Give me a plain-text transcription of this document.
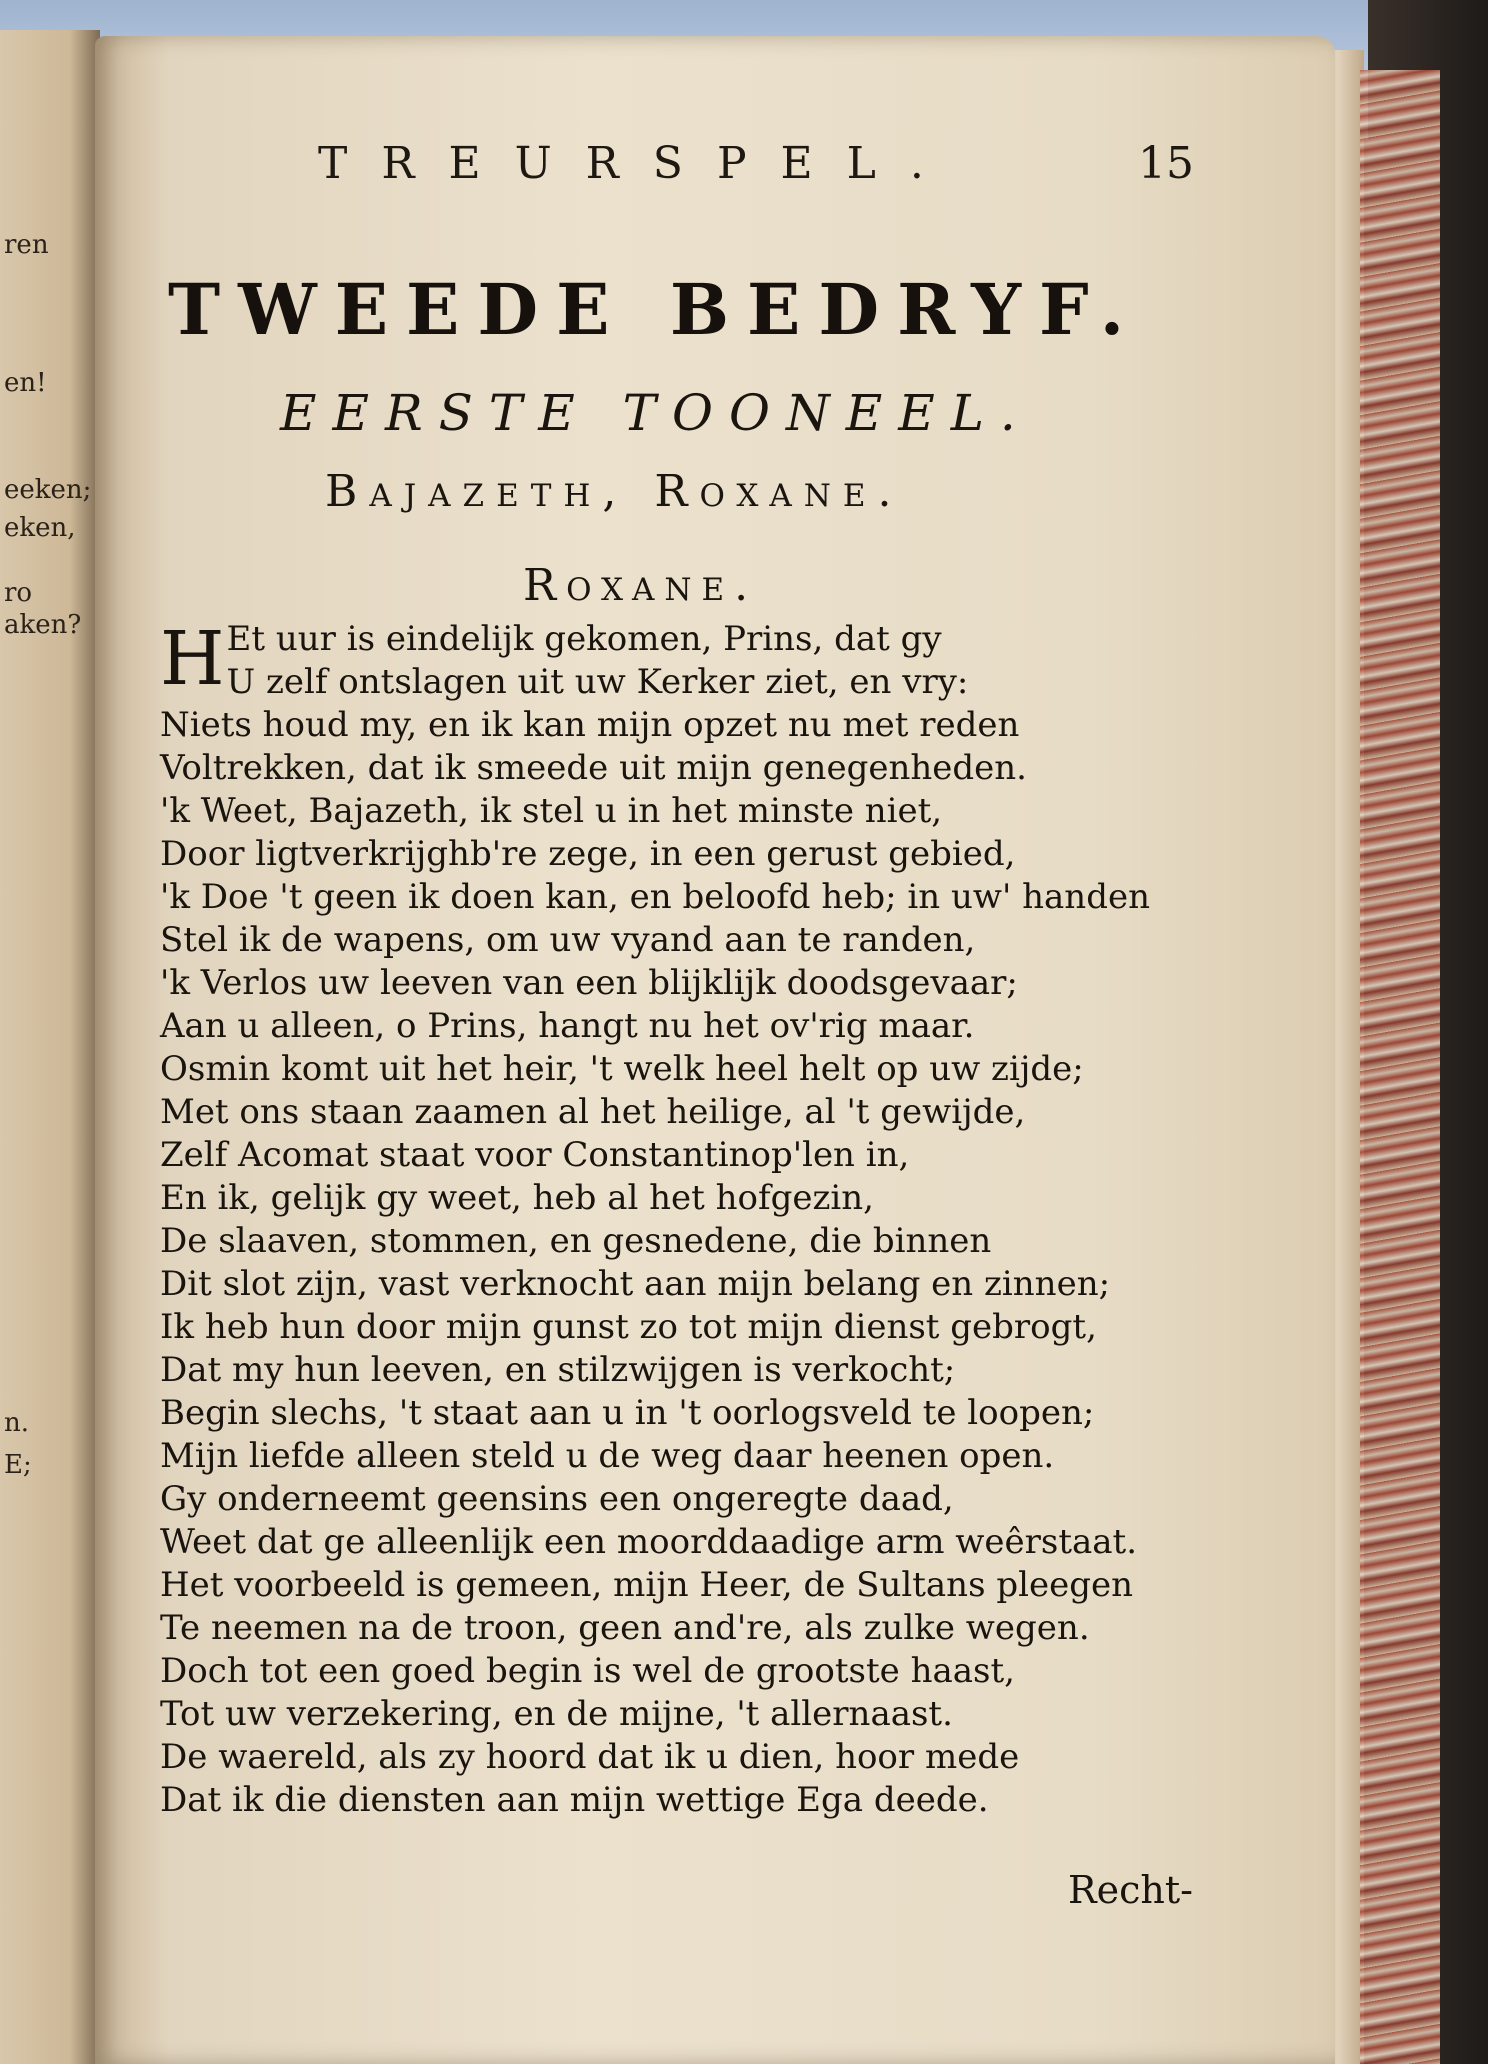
ren
en!
eeken;
eken,
ro
aken?
n.
E;
TREURSPEL.	15
TWEEDE BEDRYF.
EERSTE TOONEEL.
Bajazeth, Roxane.
Roxane.
H Et uur is eindelijk gekomen, Prins, dat gy
U zelf ontslagen uit uw Kerker ziet, en vry:
Niets houd my, en ik kan mijn opzet nu met reden
Voltrekken, dat ik smeede uit mijn genegenheden.
'k Weet, Bajazeth, ik stel u in het minste niet,
Door ligtverkrijghb're zege, in een gerust gebied,
'k Doe 't geen ik doen kan, en beloofd heb; in uw' handen
Stel ik de wapens, om uw vyand aan te randen,
'k Verlos uw leeven van een blijklijk doodsgevaar;
Aan u alleen, o Prins, hangt nu het ov'rig maar.
Osmin komt uit het heir, 't welk heel helt op uw zijde;
Met ons staan zaamen al het heilige, al 't gewijde,
Zelf Acomat staat voor Constantinop'len in,
En ik, gelijk gy weet, heb al het hofgezin,
De slaaven, stommen, en gesnedene, die binnen
Dit slot zijn, vast verknocht aan mijn belang en zinnen;
Ik heb hun door mijn gunst zo tot mijn dienst gebrogt,
Dat my hun leeven, en stilzwijgen is verkocht;
Begin slechs, 't staat aan u in 't oorlogsveld te loopen;
Mijn liefde alleen steld u de weg daar heenen open.
Gy onderneemt geensins een ongeregte daad,
Weet dat ge alleenlijk een moorddaadige arm weêrstaat.
Het voorbeeld is gemeen, mijn Heer, de Sultans pleegen
Te neemen na de troon, geen and're, als zulke wegen.
Doch tot een goed begin is wel de grootste haast,
Tot uw verzekering, en de mijne, 't allernaast.
De waereld, als zy hoord dat ik u dien, hoor mede
Dat ik die diensten aan mijn wettige Ega deede.
Recht-
